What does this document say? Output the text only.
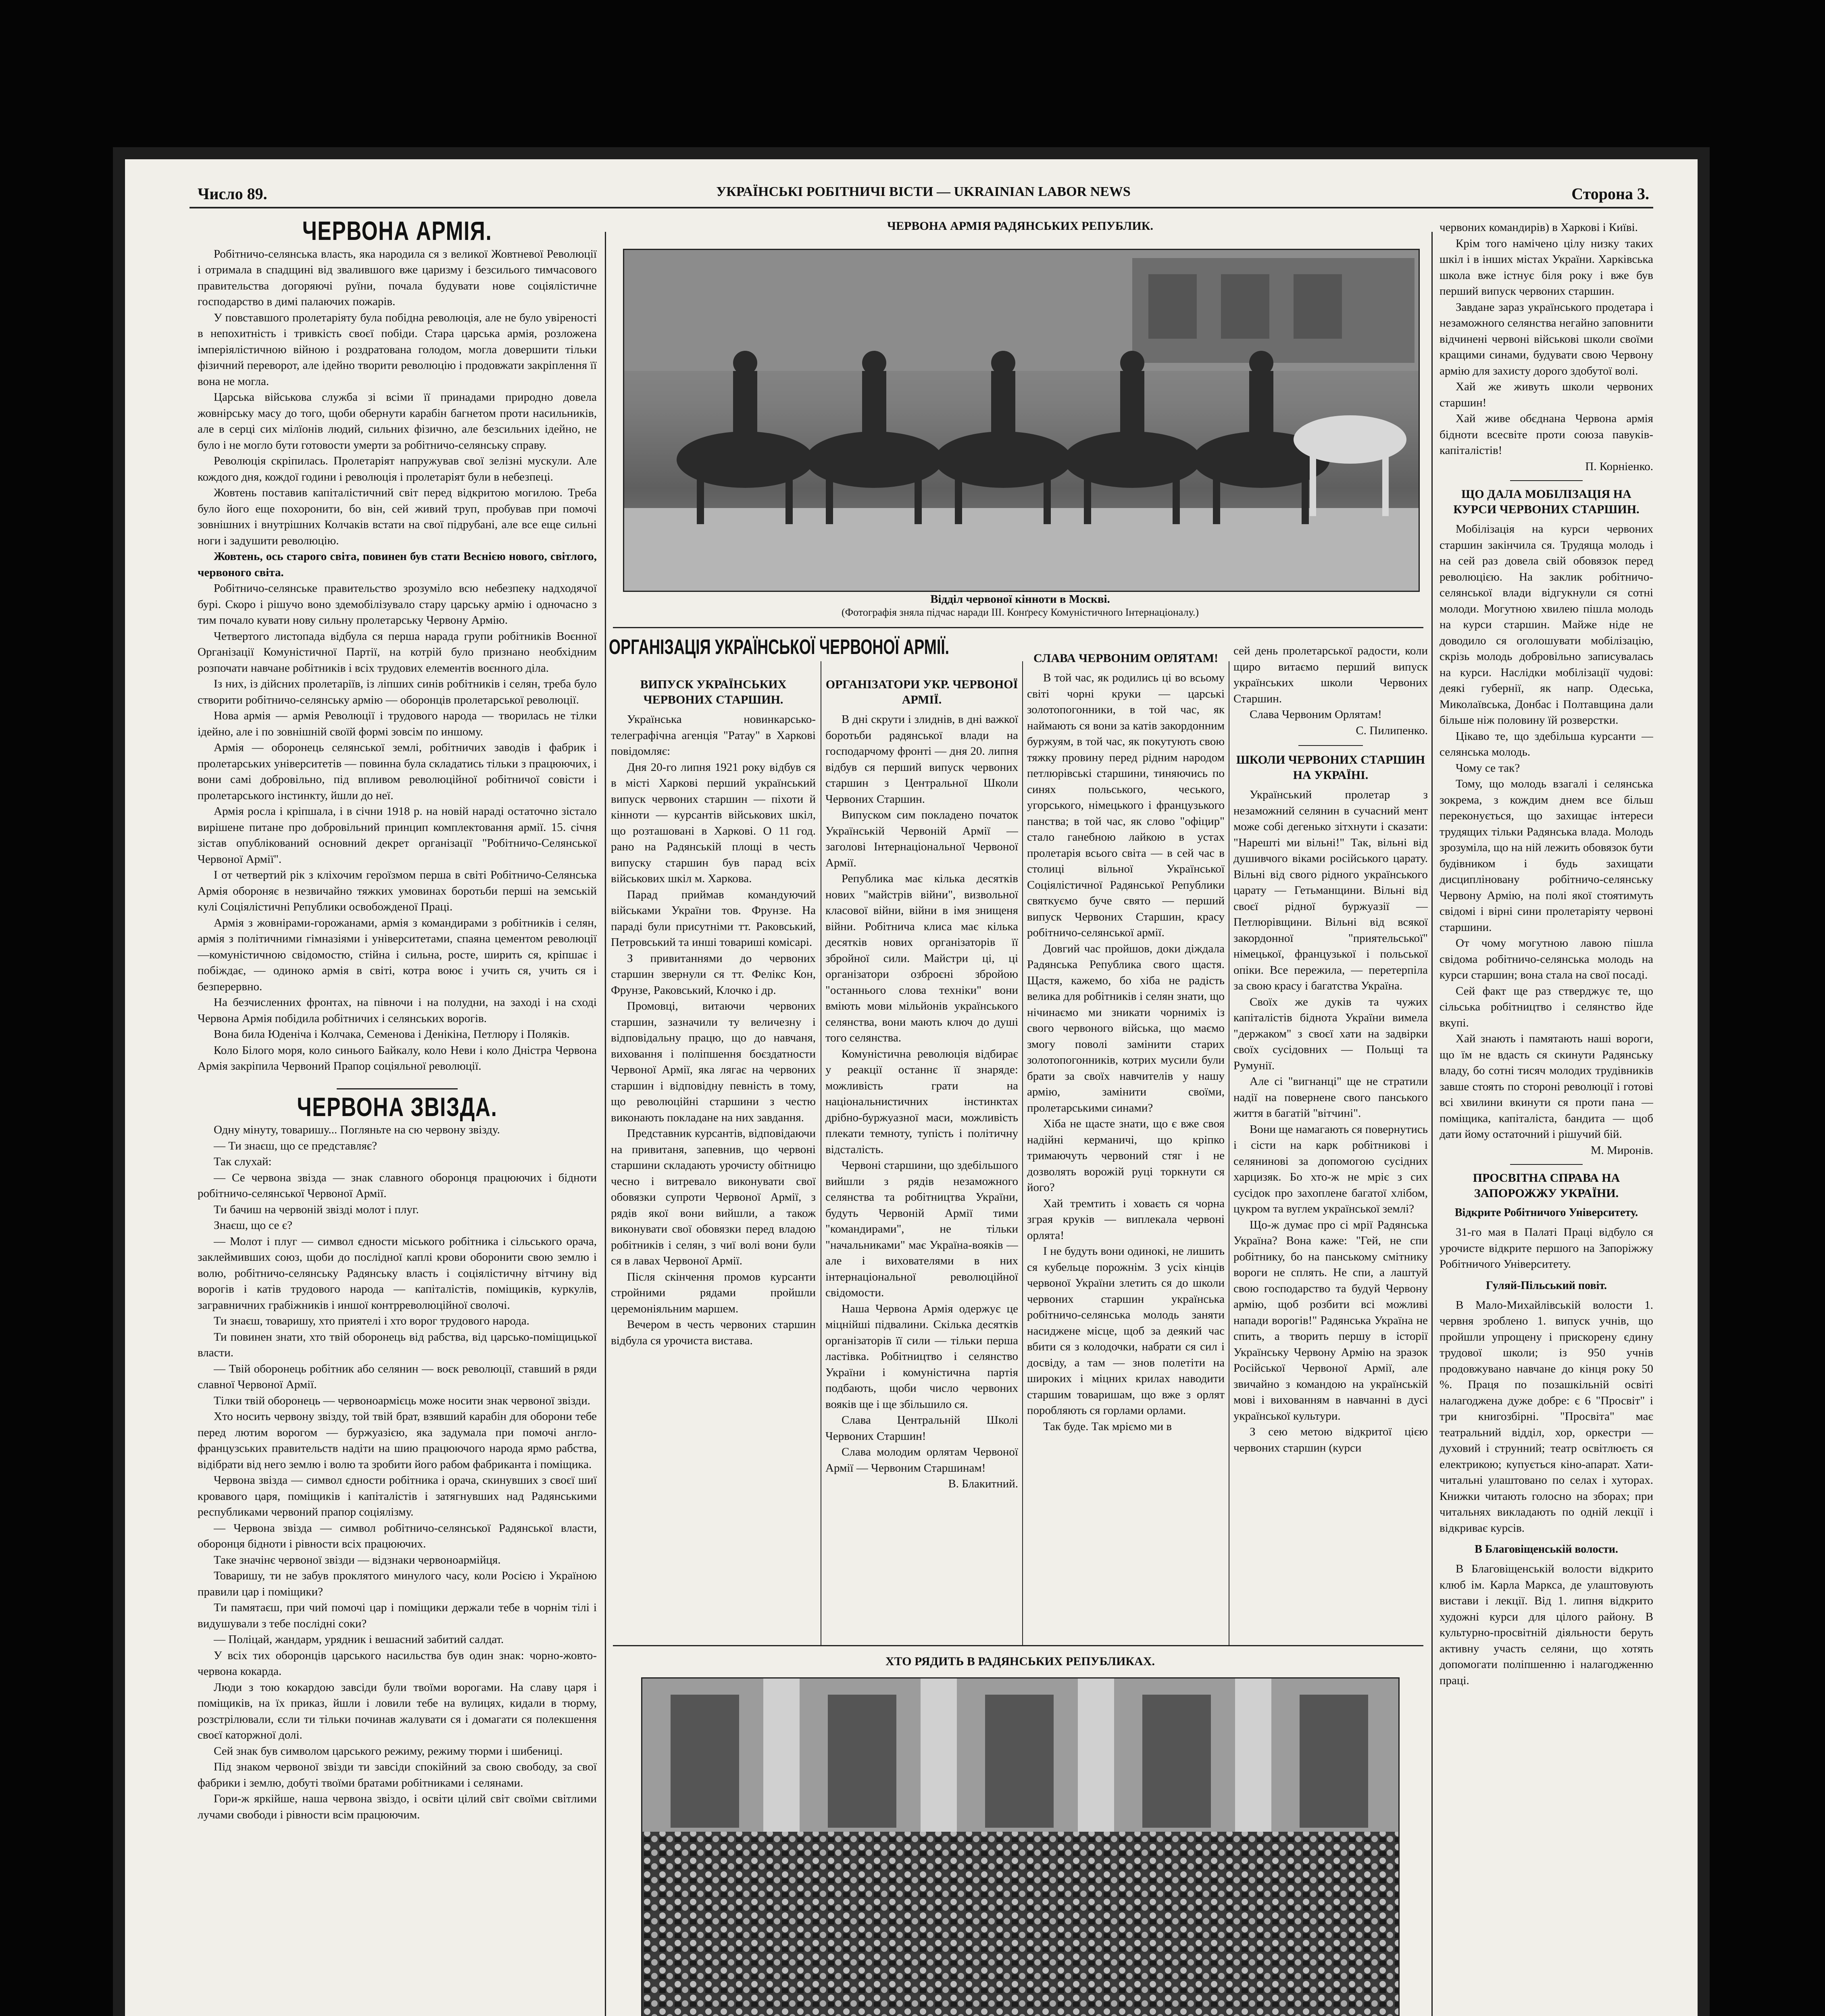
Число 89.	УКРАЇНСЬКІ РОБІТНИЧІ ВІСТИ — UKRAINIAN LABOR NEWS	Сторона 3.
ЧЕРВОНА АРМІЯ.

Робітничо-селянська власть, яка народила ся з великої Жовтневої Революції і отримала в спадщині від звалившого вже царизму і безсилього тимчасового правительства догоряючі руїни, почала будувати нове соціялістичне господарство в димі палаючих пожарів.

У повставшого пролетаріяту була побідна революція, але не було увіреності в непохитність і тривкість своєї побіди. Стара царська армія, розложена імперіялістичною війною і роздратована голодом, могла довершити тільки фізичний переворот, але ідейно творити революцію і продовжати закріплення її вона не могла.

Царська військова служба зі всіми її принадами природно довела жовнірську масу до того, щоби обернути карабін багнетом проти насильників, але в серці сих мілїонів людий, сильних фізично, але безсильних ідейно, не було і не могло бути готовости умерти за робітничо-селянську справу.

Революція скріпилась. Пролетаріят напружував свої зелізні мускули. Але кождого дня, кождої години і революція і пролетаріят були в небезпеці.

Жовтень поставив капіталістичний світ перед відкритою могилою. Треба було його еще похоронити, бо він, сей живий труп, пробував при помочі зовнішних і внутрішних Колчаків встати на свої підрубані, але все еще сильні ноги і задушити революцію.

Жовтень, ось старого світа, повинен був стати Веснією нового, світлого, червоного світа.

Робітничо-селянське правительство зрозуміло всю небезпеку надходячої бурі. Скоро і рішучо воно здемобілізувало стару царську армію і одночасно з тим почало кувати нову сильну пролетарську Червону Армію.

Четвертого листопада відбула ся перша нарада групи робітників Воєнної Організації Комуністичної Партії, на котрій було признано необхідним розпочати навчане робітників і всіх трудових елементів воєнного діла.

Із них, із дійсних пролетаріїв, із ліпших синів робітників і селян, треба було створити робітничо-селянську армію — оборонців пролетарської революції.

Нова армія — армія Революції і трудового народа — творилась не тілки ідейно, але і по зовнішній своїй формі зовсім по иншому.

Армія — оборонець селянської землі, робітничих заводів і фабрик і пролетарських університетів — повинна була складатись тільки з працюючих, і вони самі добровільно, під впливом революційної робітничої совісти і пролетарського інстинкту, йшли до неї.

Армія росла і кріпшала, і в січни 1918 р. на новій нараді остаточно зістало вирішене питане про добровільний принцип комплектовання армії. 15. січня зістав опублікований основний декрет організації "Робітничо-Селянської Червоної Армії".

І от четвертий рік з кліхочим героїзмом перша в світі Робітничо-Селянська Армія обороняє в незвичайно тяжких умовинах боротьби перші на земській кулі Соціялістичні Републики освобожденої Праці.

Армія з жовнірами-горожанами, армія з командирами з робітників і селян, армія з політичними гімназіями і університетами, спаяна цементом революції—комуністичною свідомостю, стійна і сильна, росте, ширить ся, кріпшає і побіждає, — одиноко армія в світі, котра воює і учить ся, учить ся і безперервно.

На безчисленних фронтах, на півночи і на полудни, на заході і на сході Червона Армія побідила робітничих і селянських ворогів.

Вона била Юденіча і Колчака, Семенова і Денікіна, Петлюру і Поляків.

Коло Білого моря, коло синього Байкалу, коло Неви і коло Дністра Червона Армія закріпила Червоний Прапор соціяльної революції.

ЧЕРВОНА ЗВІЗДА.

Одну мінуту, товаришу... Погляньте на сю червону звізду.

— Ти знаєш, що се представляє?

Так слухай:

— Се червона звізда — знак славного оборонця працюючих і бідноти робітничо-селянської Червоної Армії.

Ти бачиш на червоній звізді молот і плуг.

Знаєш, що се є?

— Молот і плуг — символ єдности міського робітника і сільського орача, заклеймивших союз, щоби до послідної каплі крови оборонити свою землю і волю, робітничо-селянську Радянську власть і соціялістичну вітчину від ворогів і катів трудового народа — капіталістів, поміщиків, куркулів, загравничних грабіжників і иншої контрреволюційної сволочі.

Ти знаєш, товаришу, хто приятелі і хто ворог трудового народа.

Ти повинен знати, хто твій оборонець від рабства, від царсько-поміщицької власти.

— Твій оборонець робітник або селянин — воєк революції, ставший в ряди славної Червоної Армії.

Тілки твій оборонець — червоноармієць може носити знак червоної звізди.

Хто носить червону звізду, той твій брат, взявший карабін для оборони тебе перед лютим ворогом — буржуазією, яка задумала при помочі англо-французських правительств надіти на шию працюючого народа ярмо рабства, відібрати від него землю і волю та зробити його рабом фабриканта і поміщика.

Червона звізда — символ єдности робітника і орача, скинувших з своєї шиї кровавого царя, поміщиків і капіталістів і затягнувших над Радянськими республиками червоний прапор соціялізму.

— Червона звізда — символ робітничо-селянської Радянської власти, оборонця бідноти і рівности всіх працюючих.

Таке значінє червоної звізди — відзнаки червоноармійця.

Товаришу, ти не забув проклятого минулого часу, коли Росією і Україною правили цар і поміщики?

Ти памятаєш, при чий помочі цар і поміщики держали тебе в чорнім тілі і видушували з тебе послідні соки?

— Поліцай, жандарм, урядник і вешасний забитий салдат.

У всіх тих оборонців царського насильства був один знак: чорно-жовто-червона кокарда.

Люди з тою кокардою завсіди були твоїми ворогами. На славу царя і поміщиків, на їх приказ, йшли і ловили тебе на вулицях, кидали в тюрму, розстрілювали, єсли ти тільки починав жалувати ся і домагати ся полекшення своєї каторжної долі.

Сей знак був символом царського режиму, режиму тюрми і шибениці.

Під знаком червоної звізди ти завсіди спокійний за свою свободу, за свої фабрики і землю, добуті твоїми братами робітниками і селянами.

Гори-ж яркійше, наша червона звіздо, і освіти цілий світ своїми світлими лучами свободи і рівности всім працюючим.

ЧЕРВОНА АРМІЯ РАДЯНСЬКИХ РЕПУБЛИК.
Відділ червоної кінноти в Москві.
(Фотографія зняла підчас наради III. Конґресу Комуністичного Інтернаціоналу.)
ОРГАНІЗАЦІЯ УКРАЇНСЬКОЇ ЧЕРВОНОЇ АРМІЇ.
ВИПУСК УКРАЇНСЬКИХ ЧЕРВОНИХ СТАРШИН.

Українська новинкарсько-телеграфічна агенція "Ратау" в Харкові повідомляє:

Дня 20-го липня 1921 року відбув ся в місті Харкові перший український випуск червоних старшин — піхоти й кінноти — курсантів військових шкіл, що розташовані в Харкові. О 11 год. рано на Радянській площі в честь випуску старшин був парад всіх військових шкіл м. Харкова.

Парад приймав командуючий військами України тов. Фрунзе. На параді були присутніми тт. Раковський, Петровський та инші товариші комісарі.

З привитаннями до червоних старшин звернули ся тт. Фелікс Кон, Фрунзе, Раковський, Клочко і др.

Промовці, витаючи червоних старшин, зазначили ту величезну і відповідальну працю, що до навчаня, виховання і поліпшення боєздатности Червоної Армії, яка лягає на червоних старшин і відповідну певність в тому, що революційні старшини з честю виконають покладане на них завдання.

Представник курсантів, відповідаючи на привитаня, запевнив, що червоні старшини складають урочисту обітницю чесно і витревало виконувати свої обовязки супроти Червоної Армії, з рядів якої вони вийшли, а також виконувати свої обовязки перед владою робітників і селян, з чиї волі вони були ся в лавах Червоної Армії.

Після скінчення промов курсанти стройними рядами пройшли церемоніяльним маршем.

Вечером в честь червоних старшин відбула ся урочиста вистава.

ОРГАНІЗАТОРИ УКР. ЧЕРВОНОЇ АРМІЇ.

В дні скрути і злиднів, в дні важкої боротьби радянської влади на господарчому фронті — дня 20. липня відбув ся перший випуск червоних старшин з Центральної Школи Червоних Старшин.

Випуском сим покладено початок Українській Червоній Армії — заголові Інтернаціональної Червоної Армії.

Република має кілька десятків нових "майстрів війни", визвольної класової війни, війни в імя знищеня війни. Робітнича клиса має кілька десятків нових організаторів її збройної сили. Майстри ці, ці організатори озброєні збройою "останнього слова техніки" вони вміють мови мільйонів українського селянства, вони мають ключ до душі того селянства.

Комуністична революція відбирає у реакції останнє її знаряде: можливість грати на національнистичних інстинктах дрібно-буржуазної маси, можливість плекати темноту, тупість і політичну відсталість.

Червоні старшини, що здебільшого вийшли з рядів незаможного селянства та робітництва України, будуть Червоній Армії тими "командирами", не тільки "начальниками" має Україна-вояків — але і вихователями в них інтернаціональної революційної свідомости.

Наша Червона Армія одержує це міцнійші підвалини. Скілька десятків організаторів її сили — тільки перша ластівка. Робітництво і селянство України і комуністична партія подбають, щоби число червоних вояків ще і ще збільшило ся.

Слава Центральній Школі Червоних Старшин!

Слава молодим орлятам Червоної Армії — Червоним Старшинам!

В. Блакитний.

СЛАВА ЧЕРВОНИМ ОРЛЯТАМ!

В той час, як родились ці во всьому світі чорні круки — царські золотопогонники, в той час, як наймають ся вони за катів закордонним буржуям, в той час, як покутують свою тяжку провину перед рідним народом петлюрівські старшини, тиняючись по синях польського, чеського, угорського, німецького і французького панства; в той час, як слово "офіцир" стало ганебною лайкою в устах пролетарія всього світа — в сей час в столиці вільної Української Соціялістичної Радянської Републики святкуємо буче свято — перший випуск Червоних Старшин, красу робітничо-селянської армії.

Довгий час пройшов, доки діждала Радянська Република свого щастя. Щастя, кажемо, бо хіба не радість велика для робітників і селян знати, що нічинаємо ми зникати чорниміх із свого червоного війська, що маємо змогу поволі замінити старих золотопогонників, котрих мусили були брати за своїх навчителів у нашу армію, замінити своїми, пролетарськими синами?

Хіба не щасте знати, що є вже своя надійні керманичі, що кріпко тримаючуть червоний стяг і не дозволять ворожій руці торкнути ся його?

Хай тремтить і ховаєть ся чорна зграя круків — виплекала червоні орлята!

І не будуть вони одинокі, не лишить ся кубельце порожнім. З усіх кінців червоної України злетить ся до школи червоних старшин українська робітничо-селянська молодь заняти насиджене місце, щоб за деякий час вбити ся з колодочки, набрати ся сил і досвіду, а там — знов полетіти на широких і міцних крилах наводити старшим товаришам, що вже з орлят поробляють ся горлами орлами.

Так буде. Так мріємо ми в

сей день пролетарської радости, коли щиро витаємо перший випуск українських школи Червоних Старшин.

Слава Червоним Орлятам!

С. Пилипенко.

ШКОЛИ ЧЕРВОНИХ СТАРШИН НА УКРАЇНІ.

Український пролетар з незаможний селянин в сучасний мент може собі дегенько зітхнути і сказати: "Нарешті ми вільні!" Так, вільні від душивчого віками російського царату. Вільні від свого рідного українського царату — Гетьманщини. Вільні від своєї рідної буржуазії — Петлюрівщини. Вільні від всякої закордонної "приятельської" німецької, французької і польської опіки. Все пережила, — перетерпіла за свою красу і багатства Україна.

Своїх же дуків та чужих капіталістів біднота України вимела "держаком" з своєї хати на задвірки своїх сусідовних — Польщі та Румунії.

Але сі "вигнанці" ще не стратили надії на повернене свого панського життя в багатій "вітчині".

Вони ще намагають ся повернутись і сісти на карк робітникові і селянинові за допомогою сусідних харцизяк. Бо хто-ж не мріє з сих сусідок про захоплене багатої хлібом, цукром та вуглем української землі?

Що-ж думає про сі мрії Радянська Україна? Вона каже: "Гей, не спи робітнику, бо на панському смітнику вороги не сплять. Не спи, а лаштуй свою господарство та будуй Червону армію, щоб розбити всі можливі напади ворогів!" Радянська Україна не спить, а творить першу в історії Українську Червону Армію на зразок Російської Червоної Армії, але звичайно з командою на українській мові і вихованням в навчанні в дусі української культури.

З сею метою відкритої цією червоних старшин (курси

ХТО РЯДИТЬ В РАДЯНСЬКИХ РЕПУБЛИКАХ.

червоних командирів) в Харкові і Київі.

Крім того намічено цілу низку таких шкіл і в інших містах України. Харківська школа вже істнує біля року і вже був перший випуск червоних старшин.

Завдане зараз українського продетара і незаможного селянства негайно заповнити відчинені червоні військові школи своїми кращими синами, будувати свою Червону армію для захисту дорого здобутої волі.

Хай же живуть школи червоних старшин!

Хай живе обєднана Червона армія бідноти всесвіте проти союза павуків-капіталістів!

П. Корніенко.

ЩО ДАЛА МОБІЛІЗАЦІЯ НА КУРСИ ЧЕРВОНИХ СТАРШИН.

Мобілізація на курси червоних старшин закінчила ся. Трудяща молодь і на сей раз довела свій обовязок перед революцією. На заклик робітничо-селянської влади відгукнули ся сотні молоди. Могутною хвилею пішла молодь на курси старшин. Майже ніде не доводило ся оголошувати мобілізацію, скрізь молодь добровільно записувалась на курси. Наслідки мобілізації чудові: деякі губернії, як напр. Одеська, Миколаївська, Донбас і Полтавщина дали більше ніж половину їй розверстки.

Цікаво те, що здебільша курсанти — селянська молодь.

Чому се так?

Тому, що молодь взагалі і селянська зокрема, з кождим днем все більш переконується, що захищає інтереси трудящих тільки Радянська влада. Молодь зрозуміла, що на ній лежить обовязок бути будівником і будь захищати дисципліновану робітничо-селянську Червону Армію, на полі якої стоятимуть свідомі і вірні сини пролетаріяту червоні старшини.

От чому могутною лавою пішла свідома робітничо-селянська молодь на курси старшин; вона стала на свої посаді.

Сей факт ще раз стверджує те, що сільська робітництво і селянство йде вкупі.

Хай знають і памятають наші вороги, що їм не вдасть ся скинути Радянську владу, бо сотні тисяч молодих трудівників завше стоять по стороні революції і готові всі хвилини вкинути ся проти пана — поміщика, капіталіста, бандита — щоб дати йому остаточний і рішучий бій.

М. Миронів.

ПРОСВІТНА СПРАВА НА ЗАПОРОЖЖУ УКРАЇНИ.
Відкрите Робітничого Університету.

31-го мая в Палаті Праці відбуло ся урочисте відкрите першого на Запоріжжу Робітничого Університету.

Гуляй-Пільський повіт.

В Мало-Михайлівській волости 1. червня зроблено 1. випуск учнів, що пройшли упрощену і прискорену єдину трудової школи; із 950 учнів продовжувано навчане до кінця року 50 %. Праця по позашкільній освіті налагоджена дуже добре: є 6 "Просвіт" і три книгозбірні. "Просвіта" має театральний відділ, хор, оркестри — духовий і струнний; театр освітлюєть ся електрикою; купується кіно-апарат. Хати-читальні улаштовано по селах і хуторах. Книжки читають голосно на зборах; при читальнях викладають по одній лекції і відкриває курсів.

В Благовіщенській волости.

В Благовіщенській волости відкрито клюб ім. Карла Маркса, де улаштовують вистави і лекції. Від 1. липня відкрито художні курси для цілого району. В культурно-просвітній діяльности беруть активну участь селяни, що хотять допомогати поліпшенню і налагодженню праці.
